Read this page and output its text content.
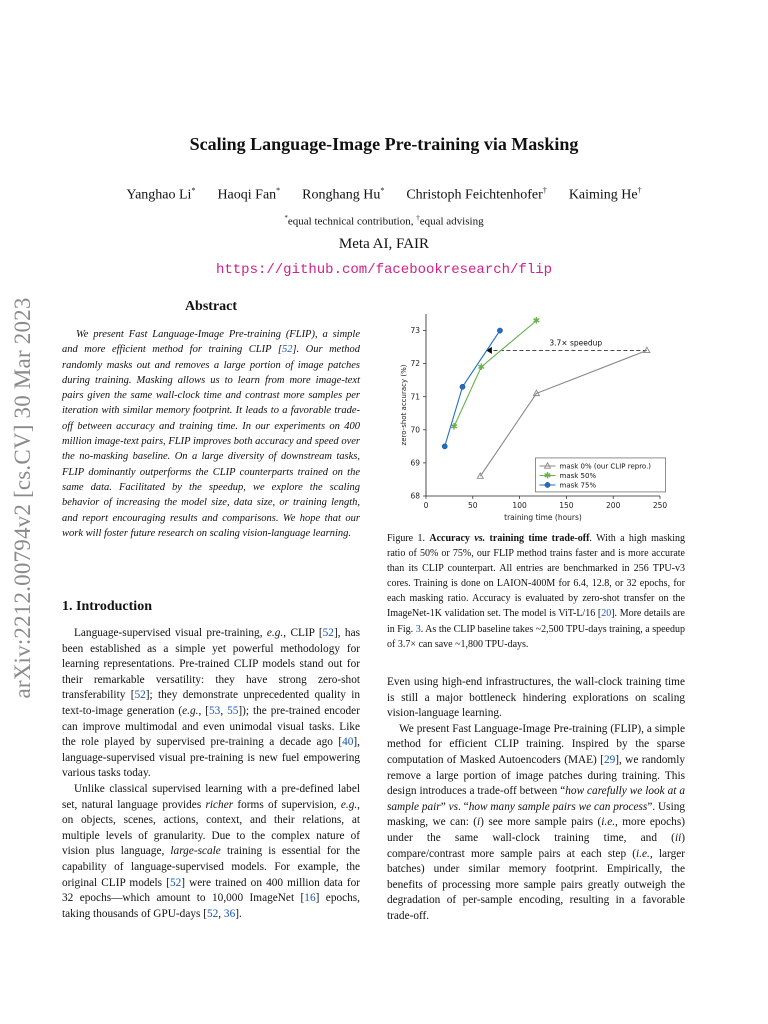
arXiv:2212.00794v2 [cs.CV] 30 Mar 2023
Scaling Language-Image Pre-training via Masking
Yanghao Li* Haoqi Fan* Ronghang Hu* Christoph Feichtenhofer† Kaiming He†
*equal technical contribution, †equal advising
Meta AI, FAIR
https://github.com/facebookresearch/flip
Abstract
We present Fast Language-Image Pre-training (FLIP), a simple and more efficient method for training CLIP [52]. Our method randomly masks out and removes a large portion of image patches during training. Masking allows us to learn from more image-text pairs given the same wall-clock time and contrast more samples per iteration with similar memory footprint. It leads to a favorable trade-off between accuracy and training time. In our experiments on 400 million image-text pairs, FLIP improves both accuracy and speed over the no-masking baseline. On a large diversity of downstream tasks, FLIP dominantly outperforms the CLIP counterparts trained on the same data. Facilitated by the speedup, we explore the scaling behavior of increasing the model size, data size, or training length, and report encouraging results and comparisons. We hope that our work will foster future research on scaling vision-language learning.
1. Introduction

Language-supervised visual pre-training, e.g., CLIP [52], has been established as a simple yet powerful methodology for learning representations. Pre-trained CLIP models stand out for their remarkable versatility: they have strong zero-shot transferability [52]; they demonstrate unprecedented quality in text-to-image generation (e.g., [53, 55]); the pre-trained encoder can improve multimodal and even unimodal visual tasks. Like the role played by supervised pre-training a decade ago [40], language-supervised visual pre-training is new fuel empowering various tasks today.

Unlike classical supervised learning with a pre-defined label set, natural language provides richer forms of supervision, e.g., on objects, scenes, actions, context, and their relations, at multiple levels of granularity. Due to the complex nature of vision plus language, large-scale training is essential for the capability of language-supervised models. For example, the original CLIP models [52] were trained on 400 million data for 32 epochs—which amount to 10,000 ImageNet [16] epochs, taking thousands of GPU-days [52, 36].

0	50	100	150	200	250
68
69
70
71
72
73
training time (hours)
zero-shot accuracy (%)
3.7× speedup
✱
✱
✱
mask 0% (our CLIP repro.)
✱ mask 50%
mask 75%
Figure 1. Accuracy vs. training time trade-off. With a high masking ratio of 50% or 75%, our FLIP method trains faster and is more accurate than its CLIP counterpart. All entries are benchmarked in 256 TPU-v3 cores. Training is done on LAION-400M for 6.4, 12.8, or 32 epochs, for each masking ratio. Accuracy is evaluated by zero-shot transfer on the ImageNet-1K validation set. The model is ViT-L/16 [20]. More details are in Fig. 3. As the CLIP baseline takes ~2,500 TPU-days training, a speedup of 3.7× can save ~1,800 TPU-days.

Even using high-end infrastructures, the wall-clock training time is still a major bottleneck hindering explorations on scaling vision-language learning.

We present Fast Language-Image Pre-training (FLIP), a simple method for efficient CLIP training. Inspired by the sparse computation of Masked Autoencoders (MAE) [29], we randomly remove a large portion of image patches during training. This design introduces a trade-off between “how carefully we look at a sample pair” vs. “how many sample pairs we can process”. Using masking, we can: (i) see more sample pairs (i.e., more epochs) under the same wall-clock training time, and (ii) compare/contrast more sample pairs at each step (i.e., larger batches) under similar memory footprint. Empirically, the benefits of processing more sample pairs greatly outweigh the degradation of per-sample encoding, resulting in a favorable trade-off.
